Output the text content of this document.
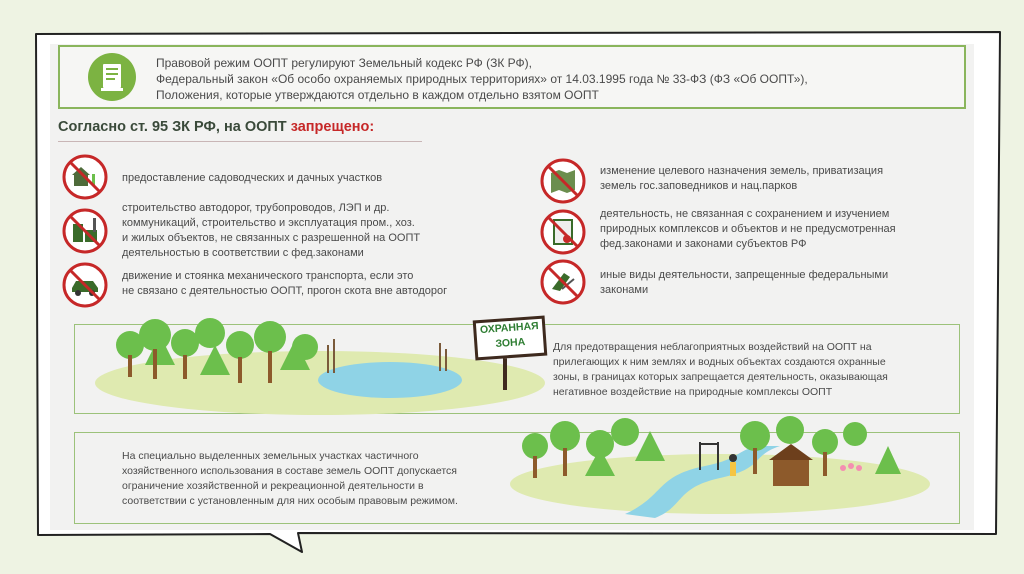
Правовой режим ООПТ регулируют Земельный кодекс РФ (ЗК РФ),
Федеральный закон «Об особо охраняемых природных территориях» от 14.03.1995 года № 33-ФЗ (ФЗ «Об ООПТ»),
Положения, которые утверждаются отдельно в каждом отдельно взятом ООПТ
Согласно ст. 95 ЗК РФ, на ООПТ запрещено:
предоставление садоводческих и дачных участков
строительство автодорог, трубопроводов, ЛЭП и др.
коммуникаций, строительство и эксплуатация пром., хоз.
и жилых объектов, не связанных с разрешенной на ООПТ
деятельностью в соответствии с фед.законами
движение и стоянка механического транспорта, если это
не связано с деятельностью ООПТ, прогон скота вне автодорог
изменение целевого назначения земель, приватизация
земель гос.заповедников и нац.парков
деятельность, не связанная с сохранением и изучением
природных комплексов и объектов и не предусмотренная
фед.законами и законами субъектов РФ
иные виды деятельности, запрещенные федеральными
законами
ОХРАННАЯ
ЗОНА	Для предотвращения неблагоприятных воздействий на ООПТ на
прилегающих к ним землях и водных объектах создаются охранные
зоны, в границах которых запрещается деятельность, оказывающая
негативное воздействие на природные комплексы ООПТ
На специально выделенных земельных участках частичного
хозяйственного использования в составе земель ООПТ допускается
ограничение хозяйственной и рекреационной деятельности в
соответствии с установленным для них особым правовым режимом.
